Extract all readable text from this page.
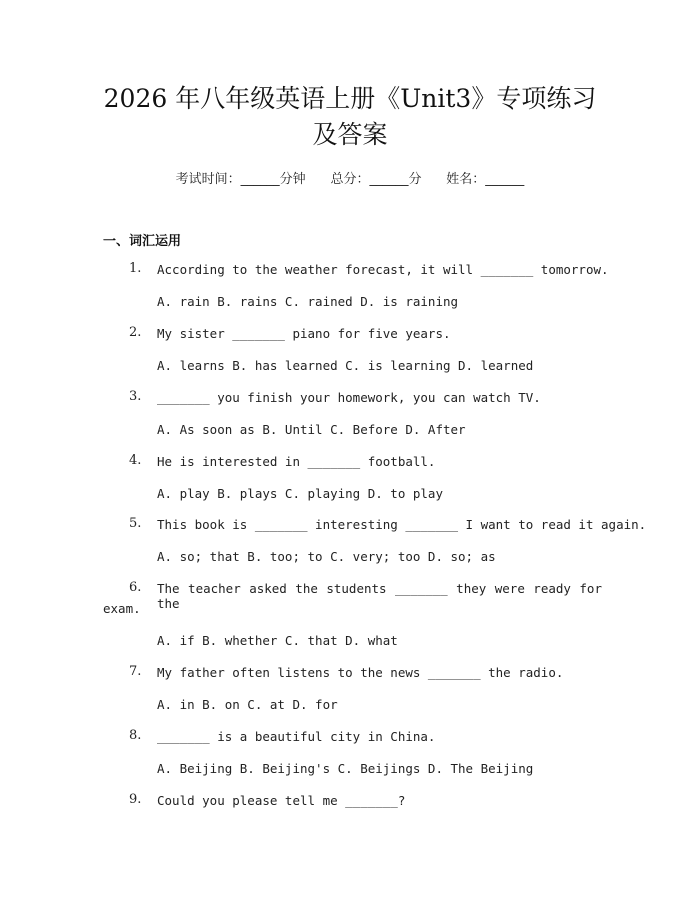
2026 年八年级英语上册《Unit3》专项练习
及答案
考试时间：______分钟 总分：______分 姓名：______
一、词汇运用
1. According to the weather forecast, it will _______ tomorrow.
A. rain B. rains C. rained D. is raining
2. My sister _______ piano for five years.
A. learns B. has learned C. is learning D. learned
3. _______ you finish your homework, you can watch TV.
A. As soon as B. Until C. Before D. After
4. He is interested in _______ football.
A. play B. plays C. playing D. to play
5. This book is _______ interesting _______ I want to read it again.
A. so; that B. too; to C. very; too D. so; as
6. The teacher asked the students _______ they were ready for the
exam.
A. if B. whether C. that D. what
7. My father often listens to the news _______ the radio.
A. in B. on C. at D. for
8. _______ is a beautiful city in China.
A. Beijing B. Beijing's C. Beijings D. The Beijing
9. Could you please tell me _______?
